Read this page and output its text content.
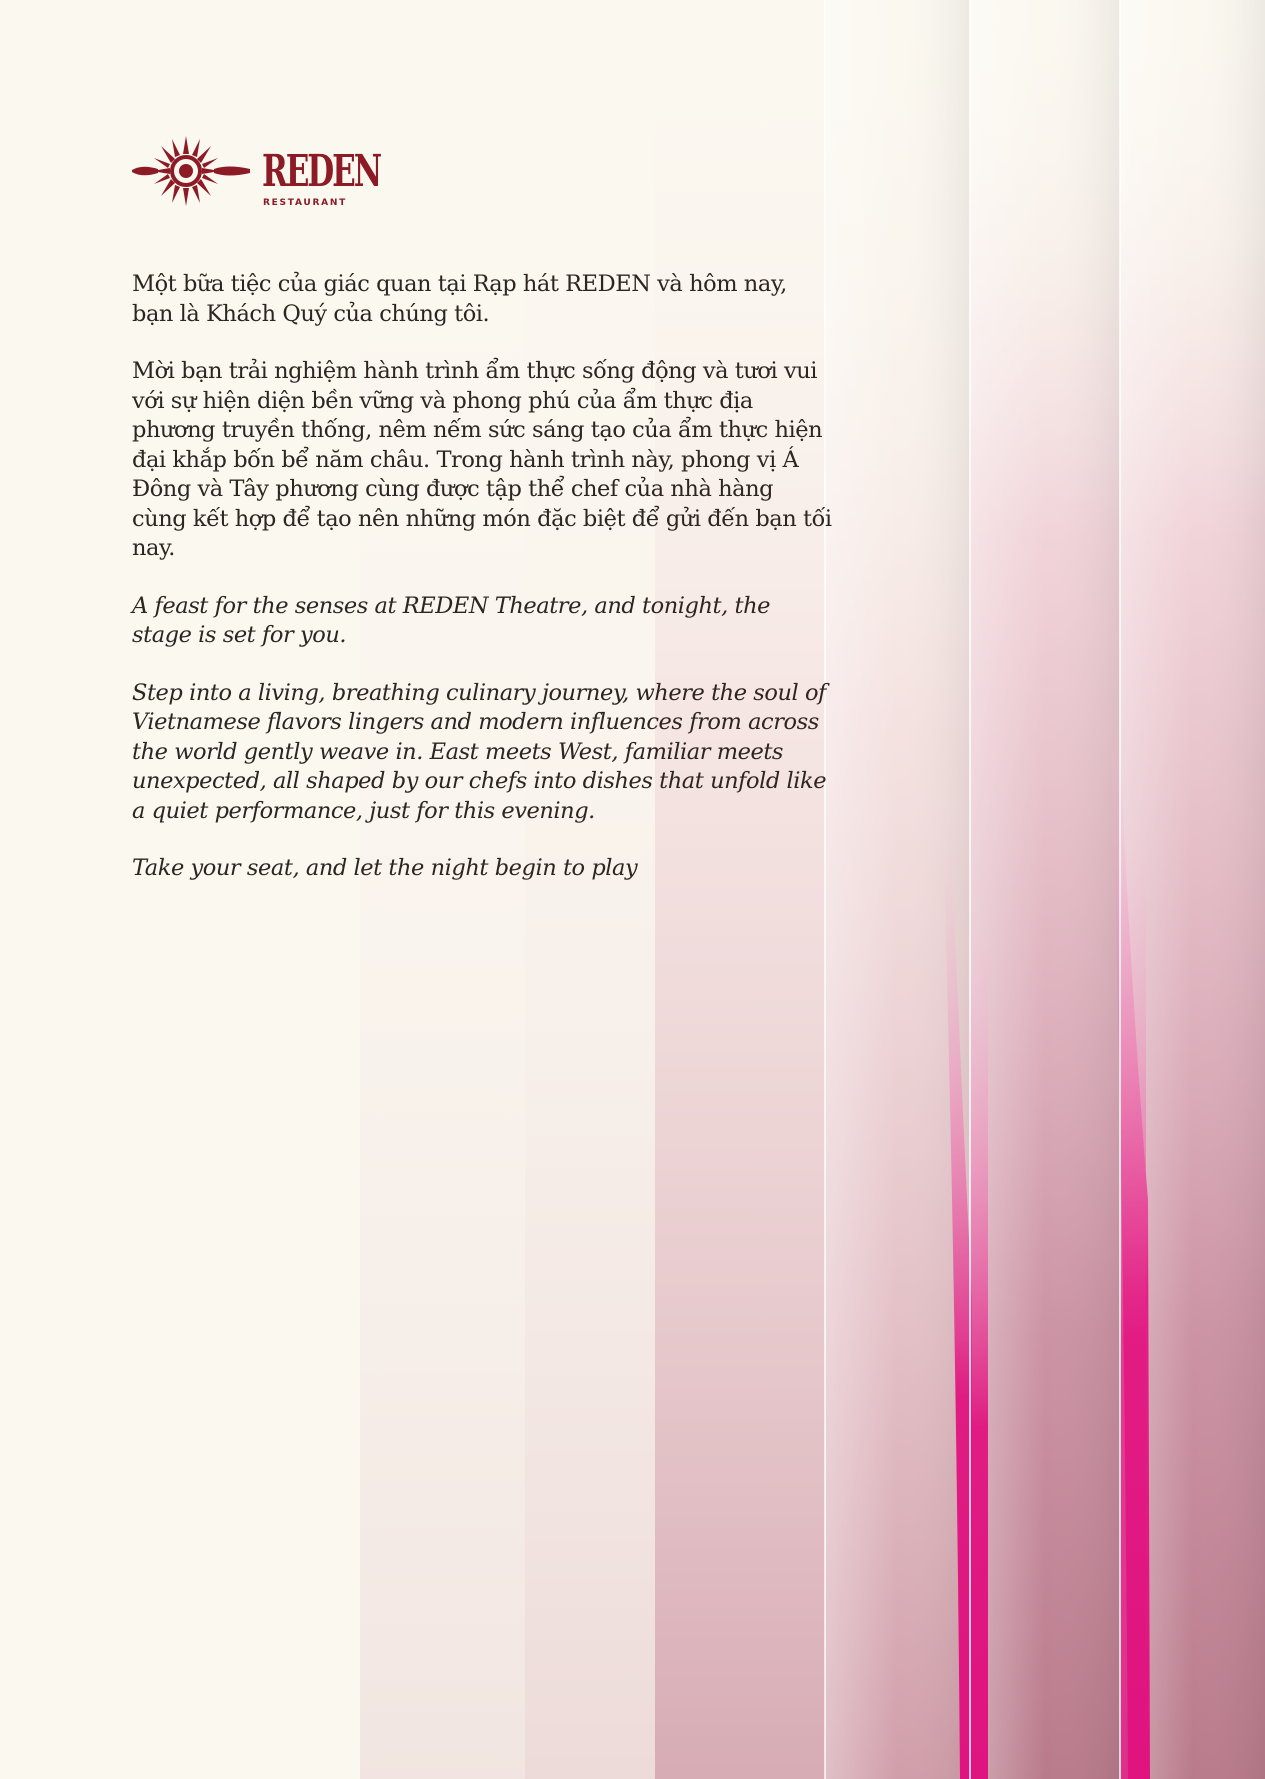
REDEN
RESTAURANT

Một bữa tiệc của giác quan tại Rạp hát REDEN và hôm nay, bạn là Khách Quý của chúng tôi.

Mời bạn trải nghiệm hành trình ẩm thực sống động và tươi vui với sự hiện diện bền vững và phong phú của ẩm thực địa phương truyền thống, nêm nếm sức sáng tạo của ẩm thực hiện đại khắp bốn bể năm châu. Trong hành trình này, phong vị Á Đông và Tây phương cùng được tập thể chef của nhà hàng cùng kết hợp để tạo nên những món đặc biệt để gửi đến bạn tối nay.

A feast for the senses at REDEN Theatre, and tonight, the stage is set for you.

Step into a living, breathing culinary journey, where the soul of Vietnamese flavors lingers and modern influences from across the world gently weave in. East meets West, familiar meets unexpected, all shaped by our chefs into dishes that unfold like a quiet performance, just for this evening.

Take your seat, and let the night begin to play
